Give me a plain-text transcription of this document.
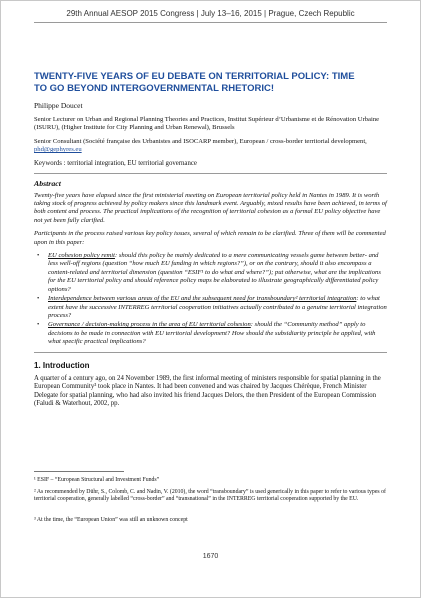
29th Annual AESOP 2015 Congress | July 13–16, 2015 | Prague, Czech Republic
TWENTY-FIVE YEARS OF EU DEBATE ON TERRITORIAL POLICY: TIME
TO GO BEYOND INTERGOVERNMENTAL RHETORIC!

Philippe Doucet

Senior Lecturer on Urban and Regional Planning Theories and Practices, Institut Supérieur d’Urbanisme et de Rénovation Urbaine (ISURU), (Higher Institute for City Planning and Urban Renewal), Brussels

Senior Consultant (Société française des Urbanistes and ISOCARP member), European / cross-border territorial development, phd@gephyres.eu

Keywords : territorial integration, EU territorial governance

Abstract

Twenty-five years have elapsed since the first ministerial meeting on European territorial policy held in Nantes in 1989. It is worth taking stock of progress achieved by policy makers since this landmark event. Arguably, mixed results have been achieved, in terms of both content and process. The practical implications of the recognition of territorial cohesion as a formal EU policy objective have not yet been fully clarified.

Participants in the process raised various key policy issues, several of which remain to be clarified. Three of them will be commented upon in this paper:

• EU cohesion policy remit: should this policy be mainly dedicated to a mere communicating vessels game between better- and less well-off regions (question “how much EU funding in which regions?”), or on the contrary, should it also encompass a content-related and territorial dimension (question “ESIF¹ to do what and where?”); put otherwise, what are the implications for the EU territorial policy and should reference policy maps be elaborated to illustrate geographically differentiated policy options?
• Interdependence between various areas of the EU and the subsequent need for transboundary² territorial integration: to what extent have the successive INTERREG territorial cooperation initiatives actually contributed to a genuine territorial integration process?
• Governance / decision-making process in the area of EU territorial cohesion: should the “Community method” apply to decisions to be made in connection with EU territorial development? How should the subsidiarity principle be applied, with what specific practical implications?
1. Introduction

A quarter of a century ago, on 24 November 1989, the first informal meeting of ministers responsible for spatial planning in the European Community³ took place in Nantes. It had been convened and was chaired by Jacques Chérèque, French Minister Delegate for spatial planning, who had also invited his friend Jacques Delors, the then President of the European Commission (Faludi & Waterhout, 2002, pp.

¹ ESIF – “European Structural and Investment Funds”
² As recommended by Dühr, S., Colomb, C. and Nadin, V. (2010), the word “transboundary” is used generically in this paper to refer to various types of territorial cooperation, generally labelled “cross-border” and “transnational” in the INTERREG territorial cooperation supported by the EU.
³ At the time, the “European Union” was still an unknown concept
1670
